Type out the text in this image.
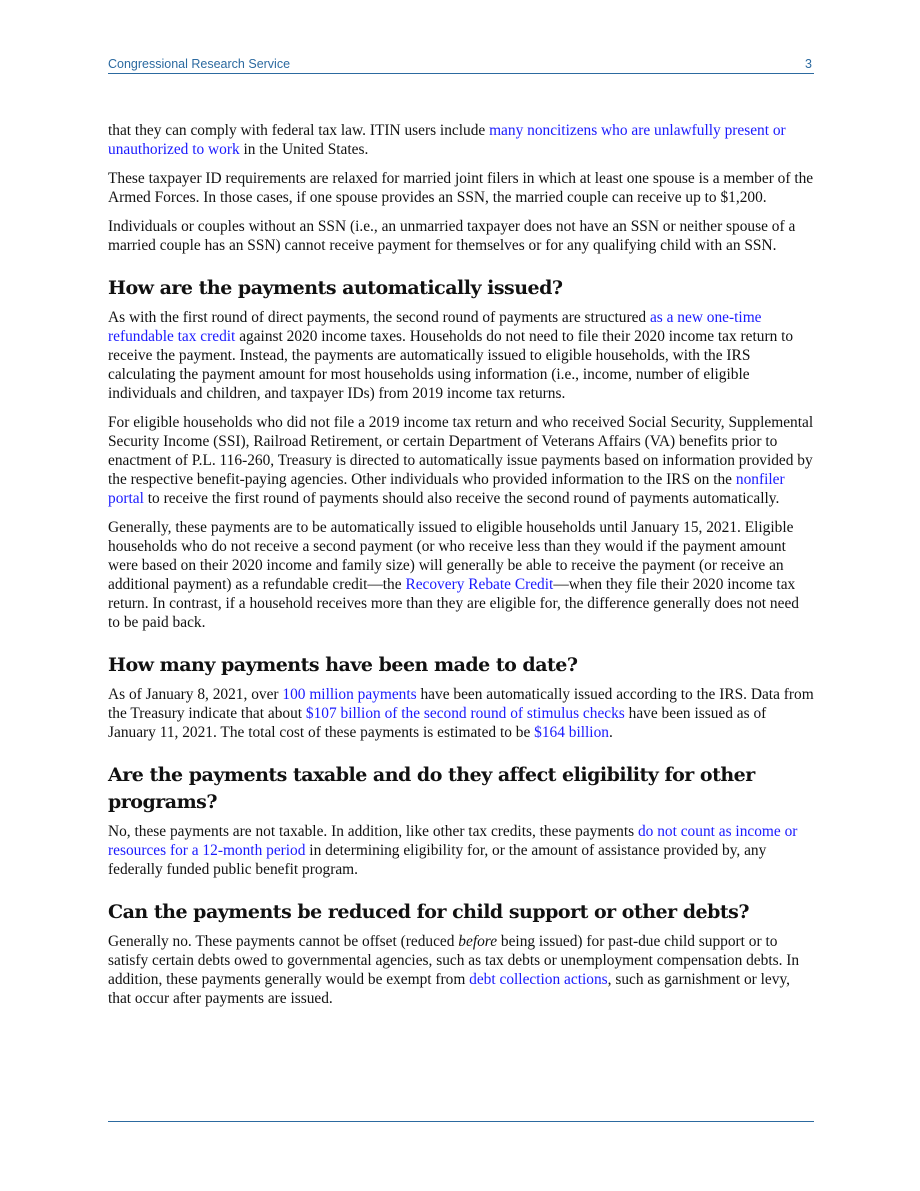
Congressional Research Service	3

that they can comply with federal tax law. ITIN users include many noncitizens who are unlawfully present or unauthorized to work in the United States.

These taxpayer ID requirements are relaxed for married joint filers in which at least one spouse is a member of the Armed Forces. In those cases, if one spouse provides an SSN, the married couple can receive up to $1,200.

Individuals or couples without an SSN (i.e., an unmarried taxpayer does not have an SSN or neither spouse of a married couple has an SSN) cannot receive payment for themselves or for any qualifying child with an SSN.

How are the payments automatically issued?

As with the first round of direct payments, the second round of payments are structured as a new one-time refundable tax credit against 2020 income taxes. Households do not need to file their 2020 income tax return to receive the payment. Instead, the payments are automatically issued to eligible households, with the IRS calculating the payment amount for most households using information (i.e., income, number of eligible individuals and children, and taxpayer IDs) from 2019 income tax returns.

For eligible households who did not file a 2019 income tax return and who received Social Security, Supplemental Security Income (SSI), Railroad Retirement, or certain Department of Veterans Affairs (VA) benefits prior to enactment of P.L. 116-260, Treasury is directed to automatically issue payments based on information provided by the respective benefit-paying agencies. Other individuals who provided information to the IRS on the nonfiler portal to receive the first round of payments should also receive the second round of payments automatically.

Generally, these payments are to be automatically issued to eligible households until January 15, 2021. Eligible households who do not receive a second payment (or who receive less than they would if the payment amount were based on their 2020 income and family size) will generally be able to receive the payment (or receive an additional payment) as a refundable credit—the Recovery Rebate Credit—when they file their 2020 income tax return. In contrast, if a household receives more than they are eligible for, the difference generally does not need to be paid back.

How many payments have been made to date?

As of January 8, 2021, over 100 million payments have been automatically issued according to the IRS. Data from the Treasury indicate that about $107 billion of the second round of stimulus checks have been issued as of January 11, 2021. The total cost of these payments is estimated to be $164 billion.

Are the payments taxable and do they affect eligibility for other programs?

No, these payments are not taxable. In addition, like other tax credits, these payments do not count as income or resources for a 12-month period in determining eligibility for, or the amount of assistance provided by, any federally funded public benefit program.

Can the payments be reduced for child support or other debts?

Generally no. These payments cannot be offset (reduced before being issued) for past-due child support or to satisfy certain debts owed to governmental agencies, such as tax debts or unemployment compensation debts. In addition, these payments generally would be exempt from debt collection actions, such as garnishment or levy, that occur after payments are issued.
